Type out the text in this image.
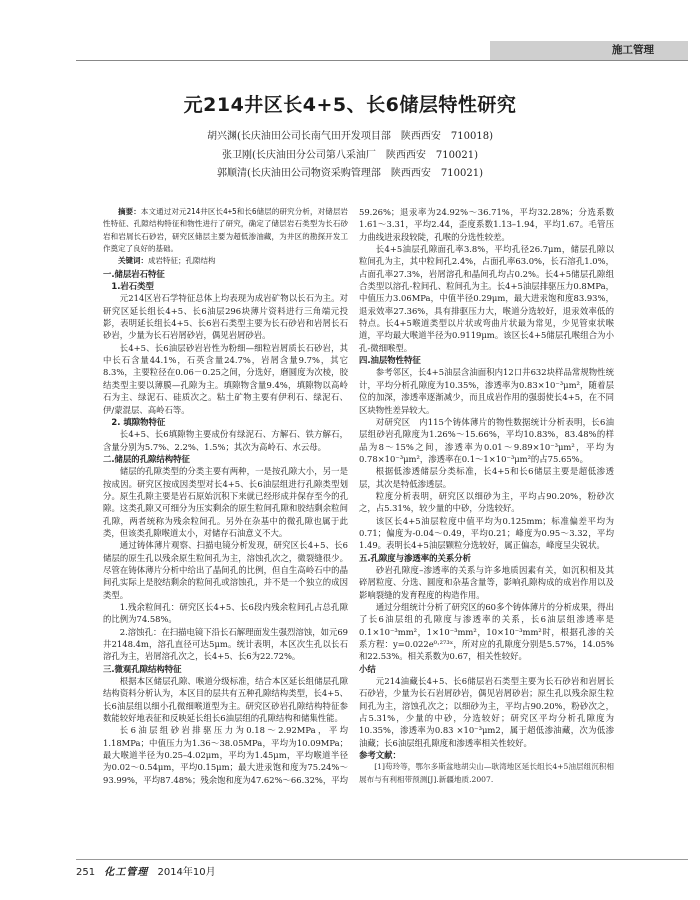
施工管理
元214井区长4+5、长6储层特性研究
胡兴渊(长庆油田公司长南气田开发项目部　陕西西安　710018)
张卫刚(长庆油田分公司第八采油厂　陕西西安　710021)
郭顺清(长庆油田公司物资采购管理部　陕西西安　710021)

摘要：本文通过对元214井区长4+5和长6储层的研究分析，对储层岩性特征、孔隙结构特征和物性进行了研究，确定了储层岩石类型为长石砂岩和岩屑长石砂岩，研究区储层主要为超低渗油藏，为井区的勘探开发工作奠定了良好的基础。

关键词：成岩特征；孔隙结构

一.储层岩石特征

1.岩石类型

元214区岩石学特征总体上均表现为成岩矿物以长石为主。对研究区延长组长4+5、长6油层296块薄片资料进行三角端元投影，表明延长组长4+5、长6岩石类型主要为长石砂岩和岩屑长石砂岩，少量为长石岩屑砂岩，偶见岩屑砂岩。

长4+5、长6油层砂岩岩性为粉细—细粒岩屑质长石砂岩，其中长石含量44.1%，石英含量24.7%，岩屑含量9.7%，其它8.3%，主要粒径在0.06－0.25之间，分选好，磨圆度为次棱，胶结类型主要以薄膜—孔隙为主。填隙物含量9.4%，填隙物以高岭石为主、绿泥石、硅质次之。粘土矿物主要有伊利石、绿泥石、伊/蒙混层、高岭石等。

2. 填隙物特征

长4+5、长6填隙物主要成份有绿泥石、方解石、铁方解石，含量分别为5.7%、2.2%、1.5%；其次为高岭石、水云母。

二.储层的孔隙结构特征

储层的孔隙类型的分类主要有两种，一是按孔隙大小，另一是按成因。研究区按成因类型对长4+5、长6油层组进行孔隙类型划分。原生孔隙主要是岩石原始沉积下来就已经形成并保存至今的孔隙。这类孔隙又可细分为压实剩余的原生粒间孔隙和胶结剩余粒间孔隙，两者统称为残余粒间孔。另外在杂基中的微孔隙也属于此类，但该类孔隙喉道太小，对储存石油意义不大。

通过铸体薄片观察、扫描电镜分析发现，研究区长4+5、长6储层的原生孔以残余原生粒间孔为主，溶蚀孔次之，微裂缝很少。尽管在铸体薄片分析中给出了晶间孔的比例，但自生高岭石中的晶间孔实际上是胶结剩余的粒间孔或溶蚀孔，并不是一个独立的成因类型。

1.残余粒间孔：研究区长4+5、长6段内残余粒间孔占总孔隙的比例为74.58%。

2.溶蚀孔：在扫描电镜下沿长石解理面发生强烈溶蚀，如元69井2148.4m，溶孔直径可达5μm。统计表明，本区次生孔以长石溶孔为主，岩屑溶孔次之，长4+5、长6为22.72%。

三.微观孔隙结构特征

根据本区储层孔隙、喉道分级标准，结合本区延长组储层孔隙结构资料分析认为，本区目的层共有五种孔隙结构类型，长4+5、长6油层组以细小孔微细喉道型为主。研究区砂岩孔隙结构特征参数能较好地表征和反映延长组长6油层组的孔隙结构和储集性能。

长6油层组砂岩排驱压力为0.18～2.92MPa，平均1.18MPa；中值压力为1.36～38.05MPa，平均为10.09MPa；最大喉道半径为0.25–4.02μm，平均为1.45μm，平均喉道半径为0.02～0.54μm，平均0.15μm；最大进汞饱和度为75.24%～93.99%，平均87.48%；残余饱和度为47.62%～66.32%，平均

59.26%；退汞率为24.92%～36.71%，平均32.28%；分选系数1.61～3.31，平均2.44，歪度系数1.13–1.94，平均1.67。毛管压力曲线进汞段较陡，孔喉的分选性较差。

长4+5油层孔隙面孔率3.8%，平均孔径26.7μm，储层孔隙以粒间孔为主，其中粒间孔2.4%，占面孔率63.0%，长石溶孔1.0%，占面孔率27.3%，岩屑溶孔和晶间孔均占0.2%。长4+5储层孔隙组合类型以溶孔-粒间孔、粒间孔为主。长4+5油层排驱压力0.8MPa，中值压力3.06MPa，中值半径0.29μm，最大进汞饱和度83.93%，退汞效率27.36%，具有排驱压力大，喉道分选较好，退汞效率低的特点。长4+5喉道类型以片状或弯曲片状最为常见，少见管束状喉道，平均最大喉道半径为0.9119μm。该区长4+5储层孔喉组合为小孔-微细喉型。

四.油层物性特征

参考邻区，长4+5油层含油面积内12口井632块样品常规物性统计，平均分析孔隙度为10.35%，渗透率为0.83×10⁻³μm²，随着层位的加深，渗透率逐渐减少，而且成岩作用的强弱使长4+5，在不同区块物性差异较大。

对研究区　内115个铸体薄片的物性数据统计分析表明，长6油层组砂岩孔隙度为1.26%～15.66%，平均10.83%，83.48%的样品为8～15%之间，渗透率为0.01～9.89×10⁻³μm²，平均为0.78×10⁻³μm²，渗透率在0.1～1×10⁻³μm²的占75.65%。

根据低渗透储层分类标准，长4+5和长6储层主要是超低渗透层，其次是特低渗透层。

粒度分析表明，研究区以细砂为主，平均占90.20%，粉砂次之，占5.31%，较少量的中砂，分选较好。

该区长4+5油层粒度中值平均为0.125mm；标准偏差平均为0.71；偏度为-0.04～0.49，平均0.21；峰度为0.95～3.32，平均1.49。表明长4+5油层颗粒分选较好，属正偏态，峰度呈尖锐状。

五.孔隙度与渗透率的关系分析

砂岩孔隙度–渗透率的关系与许多地质因素有关，如沉积相及其碎屑粒度、分选、圆度和杂基含量等，影响孔隙构成的成岩作用以及影响裂缝的发育程度的构造作用。

通过分组统计分析了研究区的60多个铸体薄片的分析成果，得出了长6油层组的孔隙度与渗透率的关系，长6油层组渗透率是0.1×10⁻³mm²，1×10⁻³mm²，10×10⁻³mm²时，根据孔渗的关系方程：y=0.022e⁰·²⁷³ˣ，所对应的孔隙度分别是5.57%，14.05%和22.53%。相关系数为0.67，相关性较好。

小结

元214油藏长4+5、长6储层岩石类型主要为长石砂岩和岩屑长石砂岩，少量为长石岩屑砂岩，偶见岩屑砂岩；原生孔以残余原生粒间孔为主，溶蚀孔次之；以细砂为主，平均占90.20%，粉砂次之，占5.31%，少量的中砂，分选较好；研究区平均分析孔隙度为10.35%，渗透率为0.83 ×10⁻³μm2，属于超低渗油藏，次为低渗油藏；长6油层组孔隙度和渗透率相关性较好。

参考文献：

[1]苟玲等，鄂尔多斯盆地胡尖山—耿湾地区延长组长4+5油层组沉积相展布与有利相带预测[J].新疆地质.2007.

251 化工管理 2014年10月
